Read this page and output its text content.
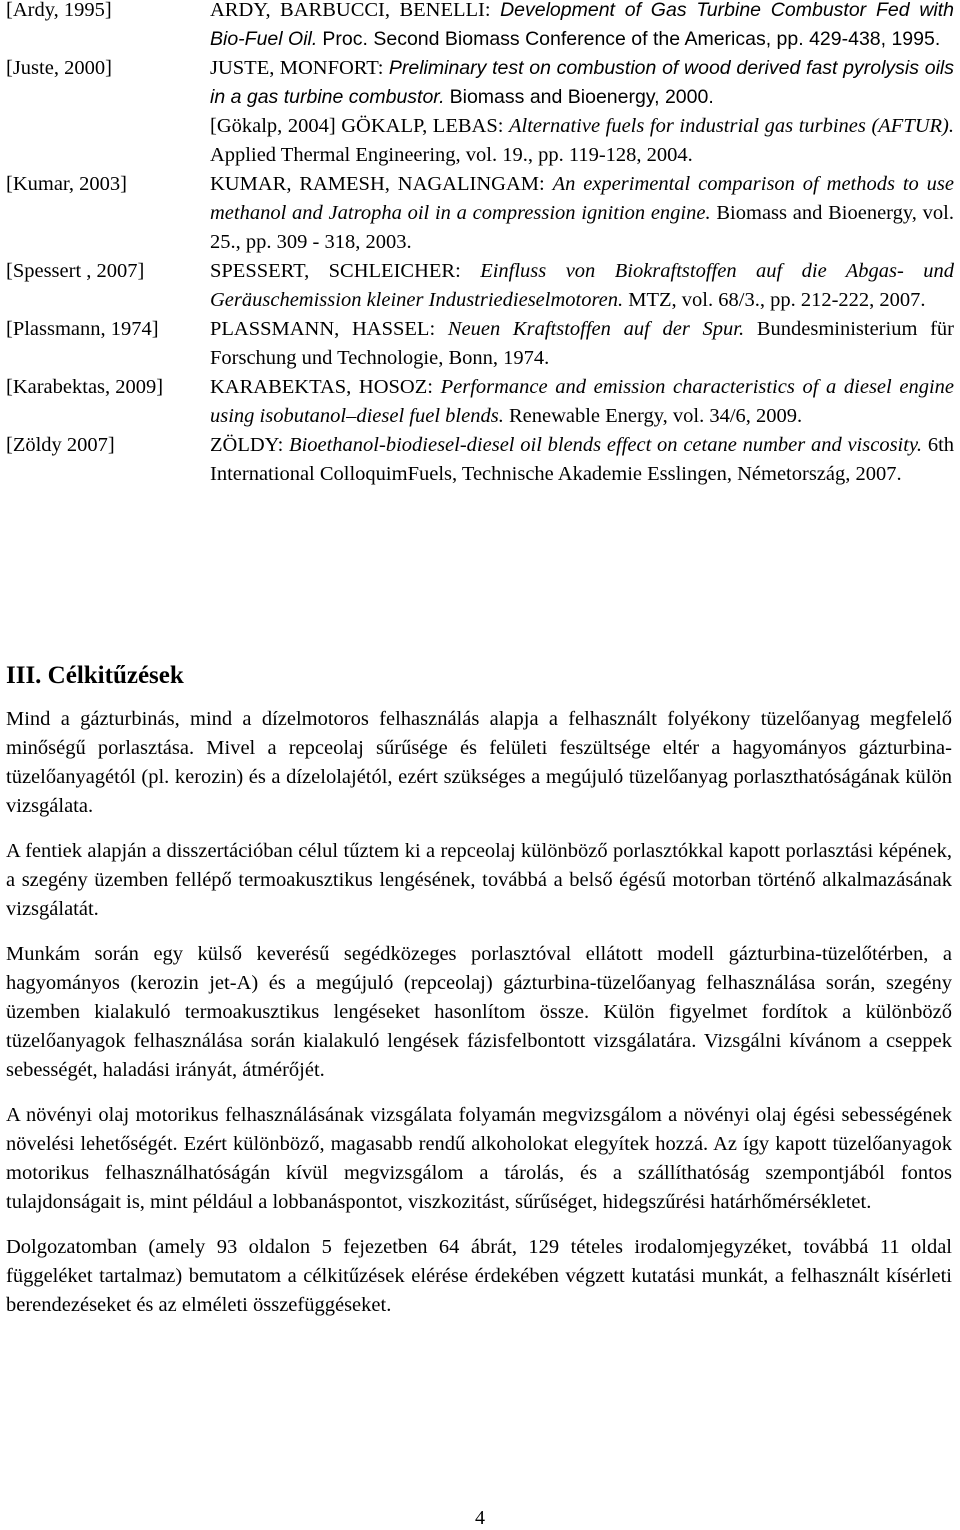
[Ardy, 1995]	ARDY, BARBUCCI, BENELLI: Development of Gas Turbine Combustor Fed with Bio-Fuel Oil. Proc. Second Biomass Conference of the Americas, pp. 429-438, 1995.
[Juste, 2000]	JUSTE, MONFORT: Preliminary test on combustion of wood derived fast pyrolysis oils in a gas turbine combustor. Biomass and Bioenergy, 2000.
[Gökalp, 2004] GÖKALP, LEBAS: Alternative fuels for industrial gas turbines (AFTUR). Applied Thermal Engineering, vol. 19., pp. 119-128, 2004.
[Kumar, 2003]	KUMAR, RAMESH, NAGALINGAM: An experimental comparison of methods to use methanol and Jatropha oil in a compression ignition engine. Biomass and Bioenergy, vol. 25., pp. 309 - 318, 2003.
[Spessert , 2007]	SPESSERT, SCHLEICHER: Einfluss von Biokraftstoffen auf die Abgas- und Geräuschemission kleiner Industriedieselmotoren. MTZ, vol. 68/3., pp. 212-222, 2007.
[Plassmann, 1974]	PLASSMANN, HASSEL: Neuen Kraftstoffen auf der Spur. Bundesministerium für Forschung und Technologie, Bonn, 1974.
[Karabektas, 2009] KARABEKTAS, HOSOZ: Performance and emission characteristics of a diesel engine using isobutanol–diesel fuel blends. Renewable Energy, vol. 34/6, 2009.
[Zöldy 2007]	ZÖLDY: Bioethanol-biodiesel-diesel oil blends effect on cetane number and viscosity. 6th International ColloquimFuels, Technische Akademie Esslingen, Németország, 2007.
III. Célkitűzések

Mind a gázturbinás, mind a dízelmotoros felhasználás alapja a felhasznált folyékony tüzelőanyag megfelelő minőségű porlasztása. Mivel a repceolaj sűrűsége és felületi feszültsége eltér a hagyományos gázturbina- tüzelőanyagétól (pl. kerozin) és a dízelolajétól, ezért szükséges a megújuló tüzelőanyag porlaszthatóságának külön vizsgálata.

A fentiek alapján a disszertációban célul tűztem ki a repceolaj különböző porlasztókkal kapott porlasztási képének, a szegény üzemben fellépő termoakusztikus lengésének, továbbá a belső égésű motorban történő alkalmazásának vizsgálatát.

Munkám során egy külső keverésű segédközeges porlasztóval ellátott modell gázturbina-tüzelőtérben, a hagyományos (kerozin jet-A) és a megújuló (repceolaj) gázturbina-tüzelőanyag felhasználása során, szegény üzemben kialakuló termoakusztikus lengéseket hasonlítom össze. Külön figyelmet fordítok a különböző tüzelőanyagok felhasználása során kialakuló lengések fázisfelbontott vizsgálatára. Vizsgálni kívánom a cseppek sebességét, haladási irányát, átmérőjét.

A növényi olaj motorikus felhasználásának vizsgálata folyamán megvizsgálom a növényi olaj égési sebességének növelési lehetőségét. Ezért különböző, magasabb rendű alkoholokat elegyítek hozzá. Az így kapott tüzelőanyagok motorikus felhasználhatóságán kívül megvizsgálom a tárolás, és a szállíthatóság szempontjából fontos tulajdonságait is, mint például a lobbanáspontot, viszkozitást, sűrűséget, hidegszűrési határhőmérsékletet.

Dolgozatomban (amely 93 oldalon 5 fejezetben 64 ábrát, 129 tételes irodalomjegyzéket, továbbá 11 oldal függeléket tartalmaz) bemutatom a célkitűzések elérése érdekében végzett kutatási munkát, a felhasznált kísérleti berendezéseket és az elméleti összefüggéseket.

4
